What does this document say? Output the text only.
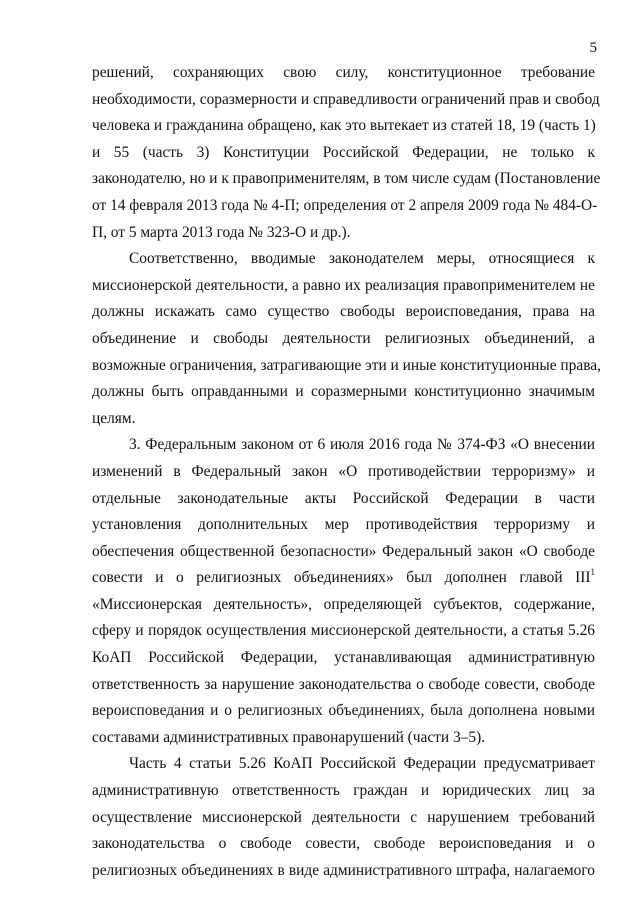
5
решений, сохраняющих свою силу, конституционное требование
необходимости, соразмерности и справедливости ограничений прав и свобод
человека и гражданина обращено, как это вытекает из статей 18, 19 (часть 1)
и 55 (часть 3) Конституции Российской Федерации, не только к
законодателю, но и к правоприменителям, в том числе судам (Постановление
от 14 февраля 2013 года № 4-П; определения от 2 апреля 2009 года № 484-О-
П, от 5 марта 2013 года № 323-О и др.).
Соответственно, вводимые законодателем меры, относящиеся к
миссионерской деятельности, а равно их реализация правоприменителем не
должны искажать само существо свободы вероисповедания, права на
объединение и свободы деятельности религиозных объединений, а
возможные ограничения, затрагивающие эти и иные конституционные права,
должны быть оправданными и соразмерными конституционно значимым
целям.
3. Федеральным законом от 6 июля 2016 года № 374-ФЗ «О внесении
изменений в Федеральный закон «О противодействии терроризму» и
отдельные законодательные акты Российской Федерации в части
установления дополнительных мер противодействия терроризму и
обеспечения общественной безопасности» Федеральный закон «О свободе
совести и о религиозных объединениях» был дополнен главой III$^1$
«Миссионерская деятельность», определяющей субъектов, содержание,
сферу и порядок осуществления миссионерской деятельности, а статья 5.26
КоАП Российской Федерации, устанавливающая административную
ответственность за нарушение законодательства о свободе совести, свободе
вероисповедания и о религиозных объединениях, была дополнена новыми
составами административных правонарушений (части 3–5).
Часть 4 статьи 5.26 КоАП Российской Федерации предусматривает
административную ответственность граждан и юридических лиц за
осуществление миссионерской деятельности с нарушением требований
законодательства о свободе совести, свободе вероисповедания и о
религиозных объединениях в виде административного штрафа, налагаемого
